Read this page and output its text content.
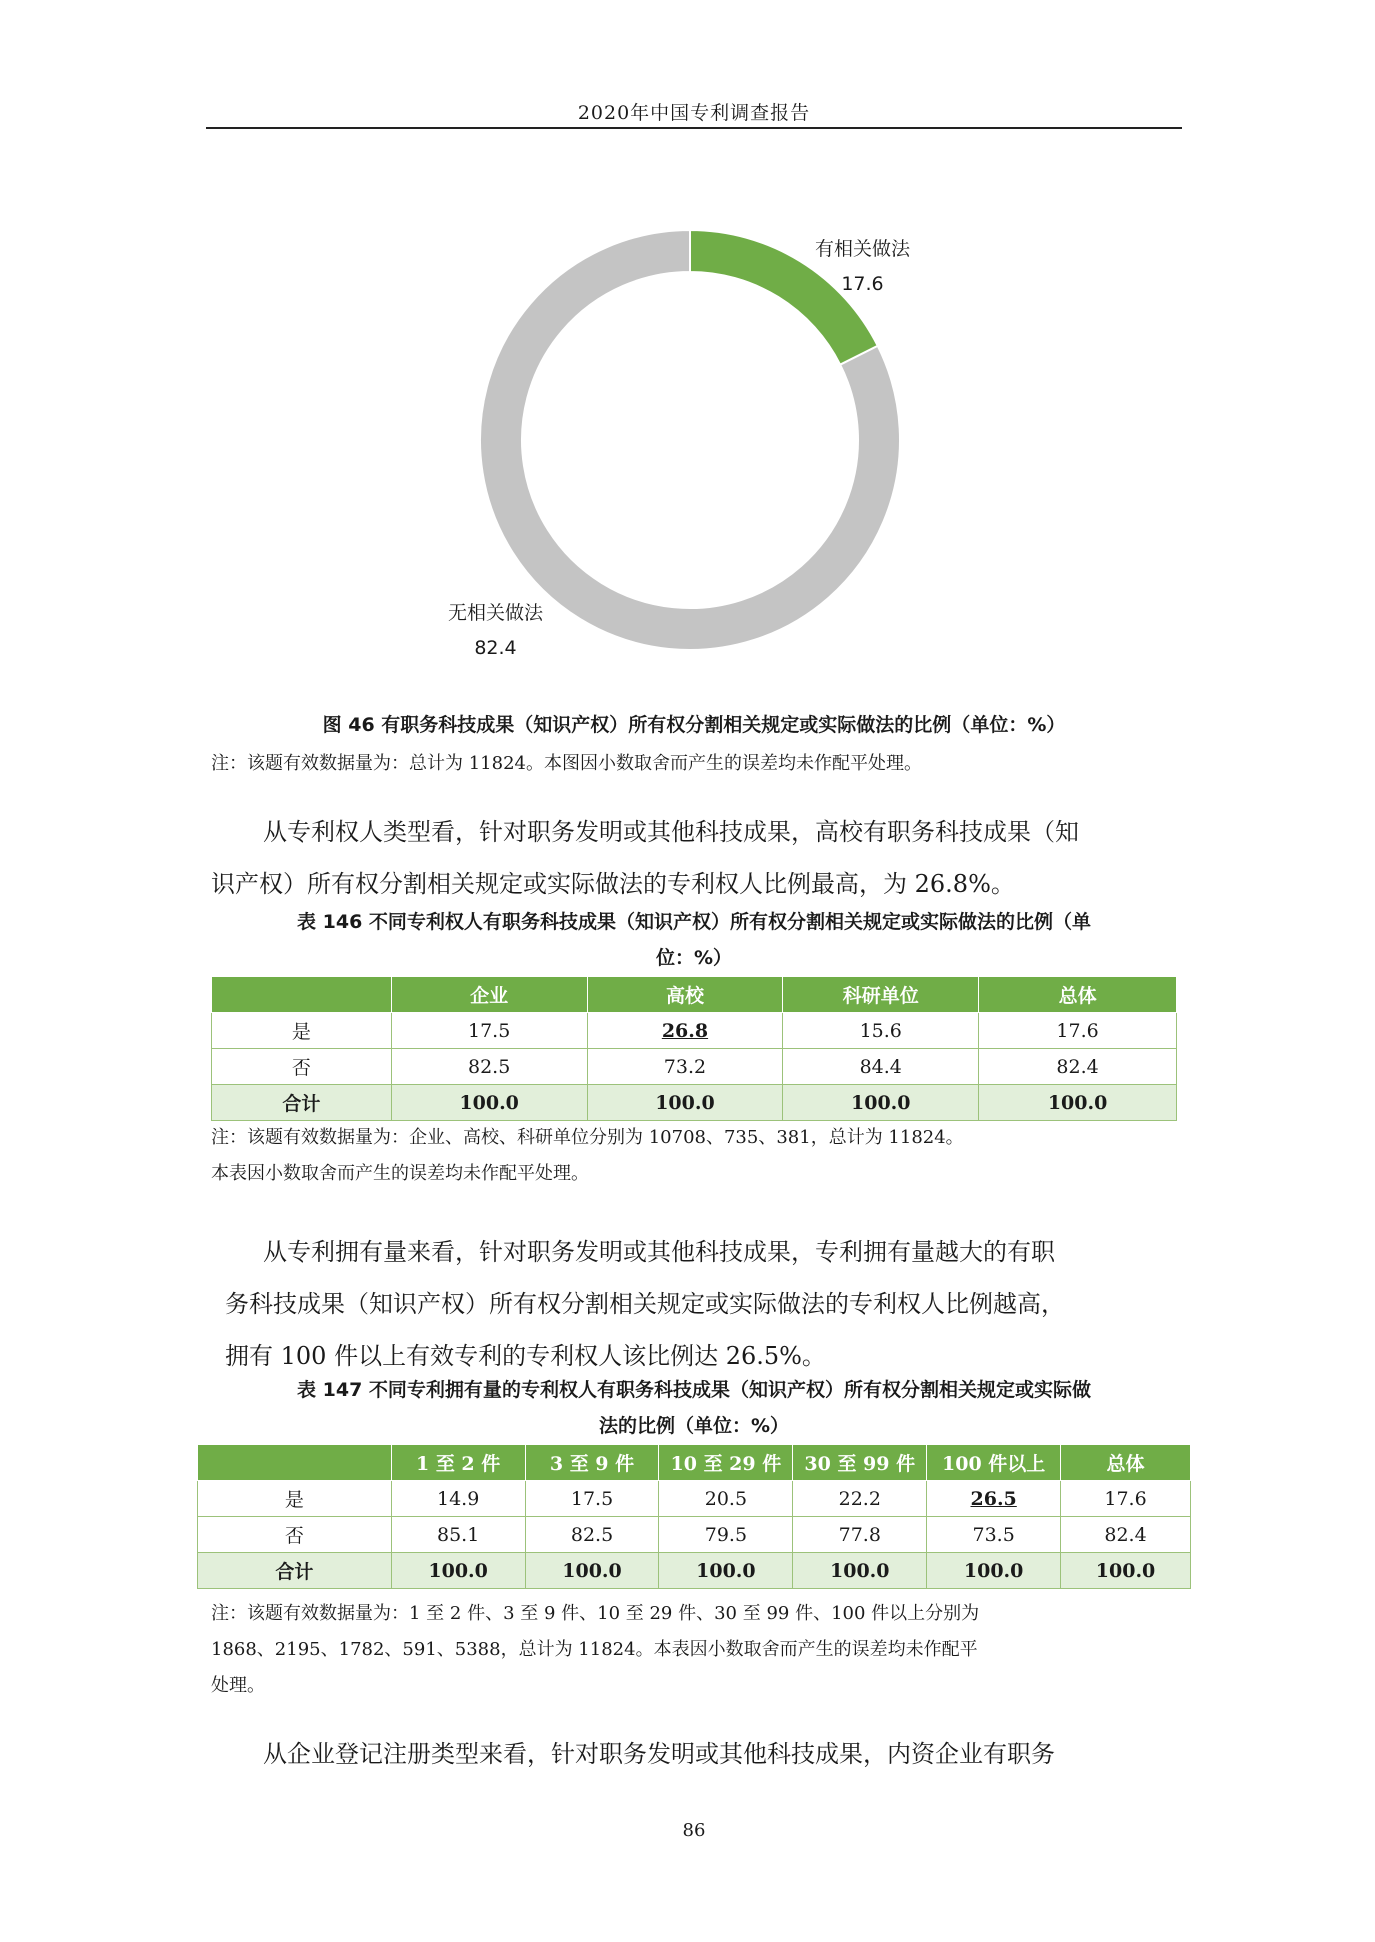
2020年中国专利调查报告
有相关做法
17.6
无相关做法
82.4
图 46 有职务科技成果（知识产权）所有权分割相关规定或实际做法的比例（单位：%）
注：该题有效数据量为：总计为 11824。本图因小数取舍而产生的误差均未作配平处理。
从专利权人类型看，针对职务发明或其他科技成果，高校有职务科技成果（知
识产权）所有权分割相关规定或实际做法的专利权人比例最高，为 26.8%。
表 146 不同专利权人有职务科技成果（知识产权）所有权分割相关规定或实际做法的比例（单
位：%）
	企业	高校	科研单位	总体
是	17.5	26.8	15.6	17.6
否	82.5	73.2	84.4	82.4
合计	100.0	100.0	100.0	100.0
注：该题有效数据量为：企业、高校、科研单位分别为 10708、735、381，总计为 11824。
本表因小数取舍而产生的误差均未作配平处理。
从专利拥有量来看，针对职务发明或其他科技成果，专利拥有量越大的有职
务科技成果（知识产权）所有权分割相关规定或实际做法的专利权人比例越高，
拥有 100 件以上有效专利的专利权人该比例达 26.5%。
表 147 不同专利拥有量的专利权人有职务科技成果（知识产权）所有权分割相关规定或实际做
法的比例（单位：%）
	1 至 2 件	3 至 9 件	10 至 29 件	30 至 99 件	100 件以上	总体
是	14.9	17.5	20.5	22.2	26.5	17.6
否	85.1	82.5	79.5	77.8	73.5	82.4
合计	100.0	100.0	100.0	100.0	100.0	100.0
注：该题有效数据量为：1 至 2 件、3 至 9 件、10 至 29 件、30 至 99 件、100 件以上分别为
1868、2195、1782、591、5388，总计为 11824。本表因小数取舍而产生的误差均未作配平
处理。
从企业登记注册类型来看，针对职务发明或其他科技成果，内资企业有职务
86
